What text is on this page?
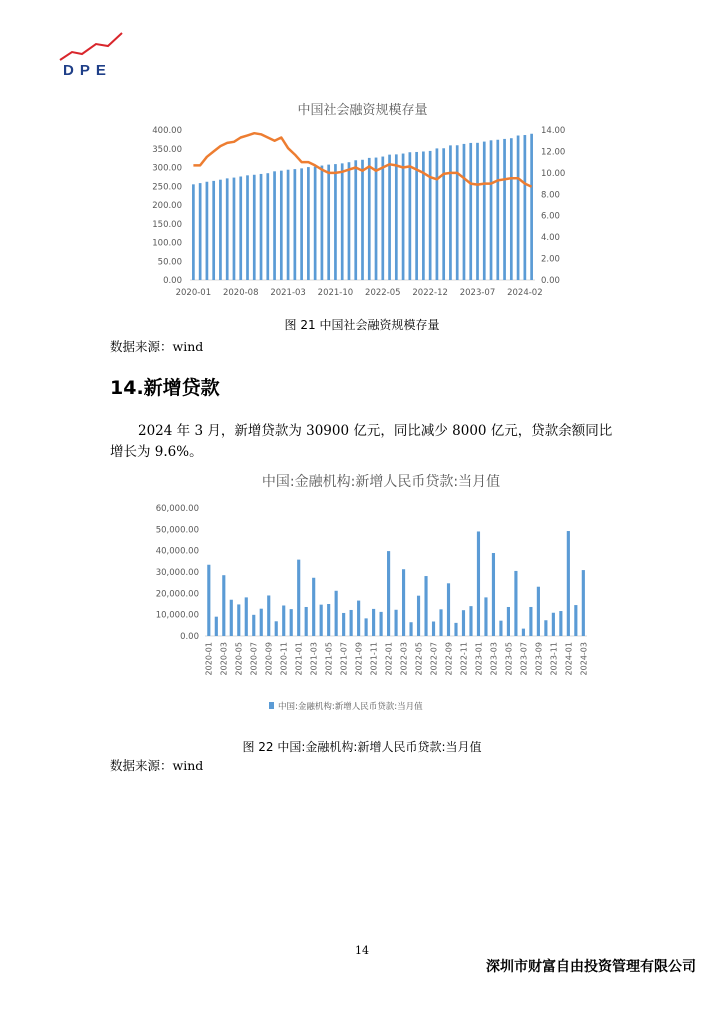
DPE
中国社会融资规模存量
0.00
50.00
100.00
150.00
200.00
250.00
300.00
350.00
400.00
0.00
2.00
4.00
6.00
8.00
10.00
12.00
14.00
2020-01 2020-08 2021-03 2021-10 2022-05 2022-12 2023-07 2024-02
图 21 中国社会融资规模存量
数据来源：wind
14.新增贷款
2024 年 3 月，新增贷款为 30900 亿元，同比减少 8000 亿元，贷款余额同比增长为 9.6%。
中国:金融机构:新增人民币贷款:当月值
0.00
10,000.00
20,000.00
30,000.00
40,000.00
50,000.00
60,000.00
2020-01 2020-03 2020-05 2020-07 2020-09 2020-11 2021-01 2021-03 2021-05 2021-07 2021-09 2021-11 2022-01 2022-03 2022-05 2022-07 2022-09 2022-11 2023-01 2023-03 2023-05 2023-07 2023-09 2023-11 2024-01 2024-03
中国:金融机构:新增人民币贷款:当月值
图 22 中国:金融机构:新增人民币贷款:当月值
数据来源：wind
14
深圳市财富自由投资管理有限公司
